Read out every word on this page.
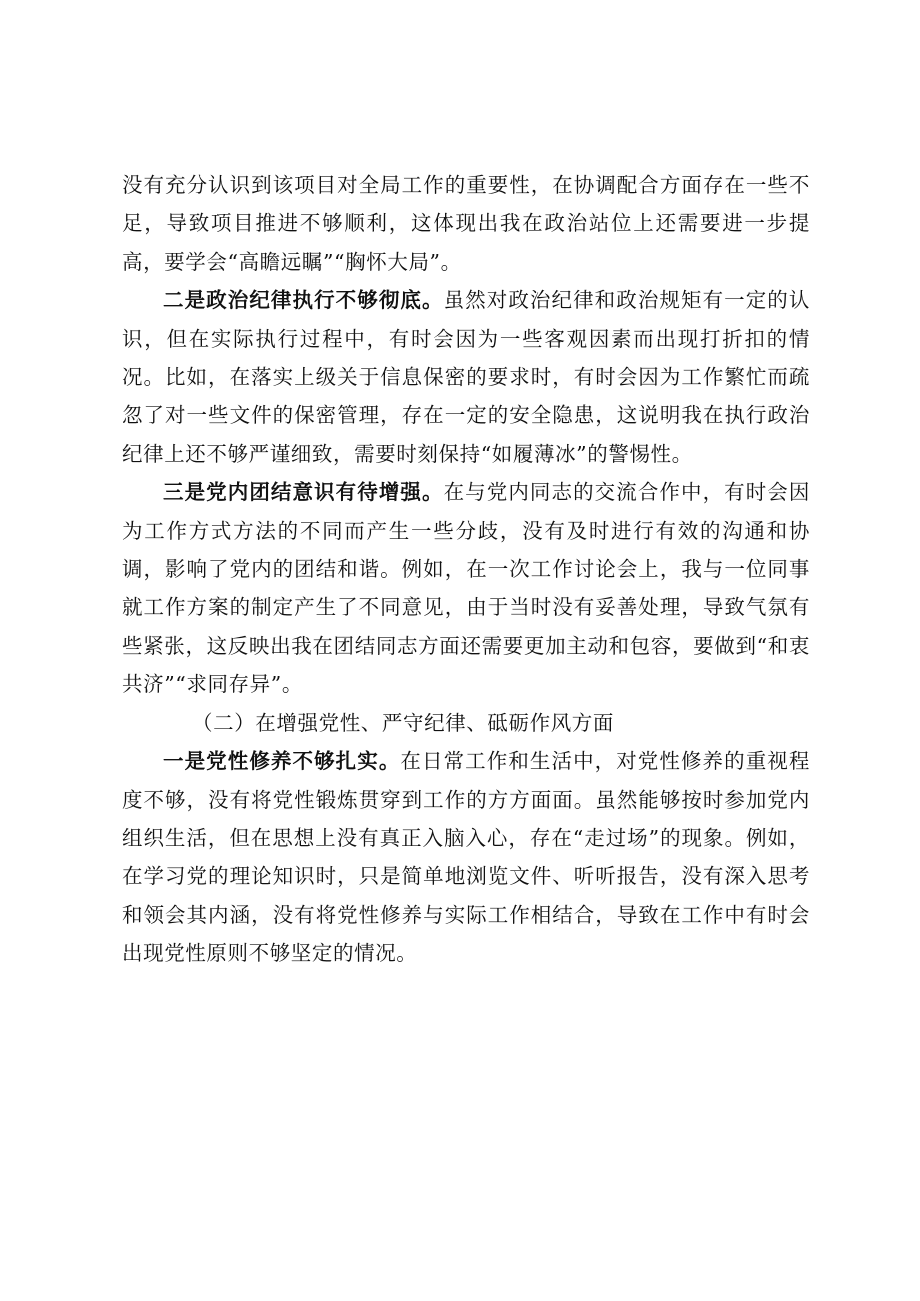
没有充分认识到该项目对全局工作的重要性，在协调配合方面存在一些不足，导致项目推进不够顺利，这体现出我在政治站位上还需要进一步提高，要学会“高瞻远瞩”“胸怀大局”。

二是政治纪律执行不够彻底。虽然对政治纪律和政治规矩有一定的认识，但在实际执行过程中，有时会因为一些客观因素而出现打折扣的情况。比如，在落实上级关于信息保密的要求时，有时会因为工作繁忙而疏忽了对一些文件的保密管理，存在一定的安全隐患，这说明我在执行政治纪律上还不够严谨细致，需要时刻保持“如履薄冰”的警惕性。

三是党内团结意识有待增强。在与党内同志的交流合作中，有时会因为工作方式方法的不同而产生一些分歧，没有及时进行有效的沟通和协调，影响了党内的团结和谐。例如，在一次工作讨论会上，我与一位同事就工作方案的制定产生了不同意见，由于当时没有妥善处理，导致气氛有些紧张，这反映出我在团结同志方面还需要更加主动和包容，要做到“和衷共济”“求同存异”。

（二）在增强党性、严守纪律、砥砺作风方面

一是党性修养不够扎实。在日常工作和生活中，对党性修养的重视程度不够，没有将党性锻炼贯穿到工作的方方面面。虽然能够按时参加党内组织生活，但在思想上没有真正入脑入心，存在“走过场”的现象。例如，在学习党的理论知识时，只是简单地浏览文件、听听报告，没有深入思考和领会其内涵，没有将党性修养与实际工作相结合，导致在工作中有时会出现党性原则不够坚定的情况。
